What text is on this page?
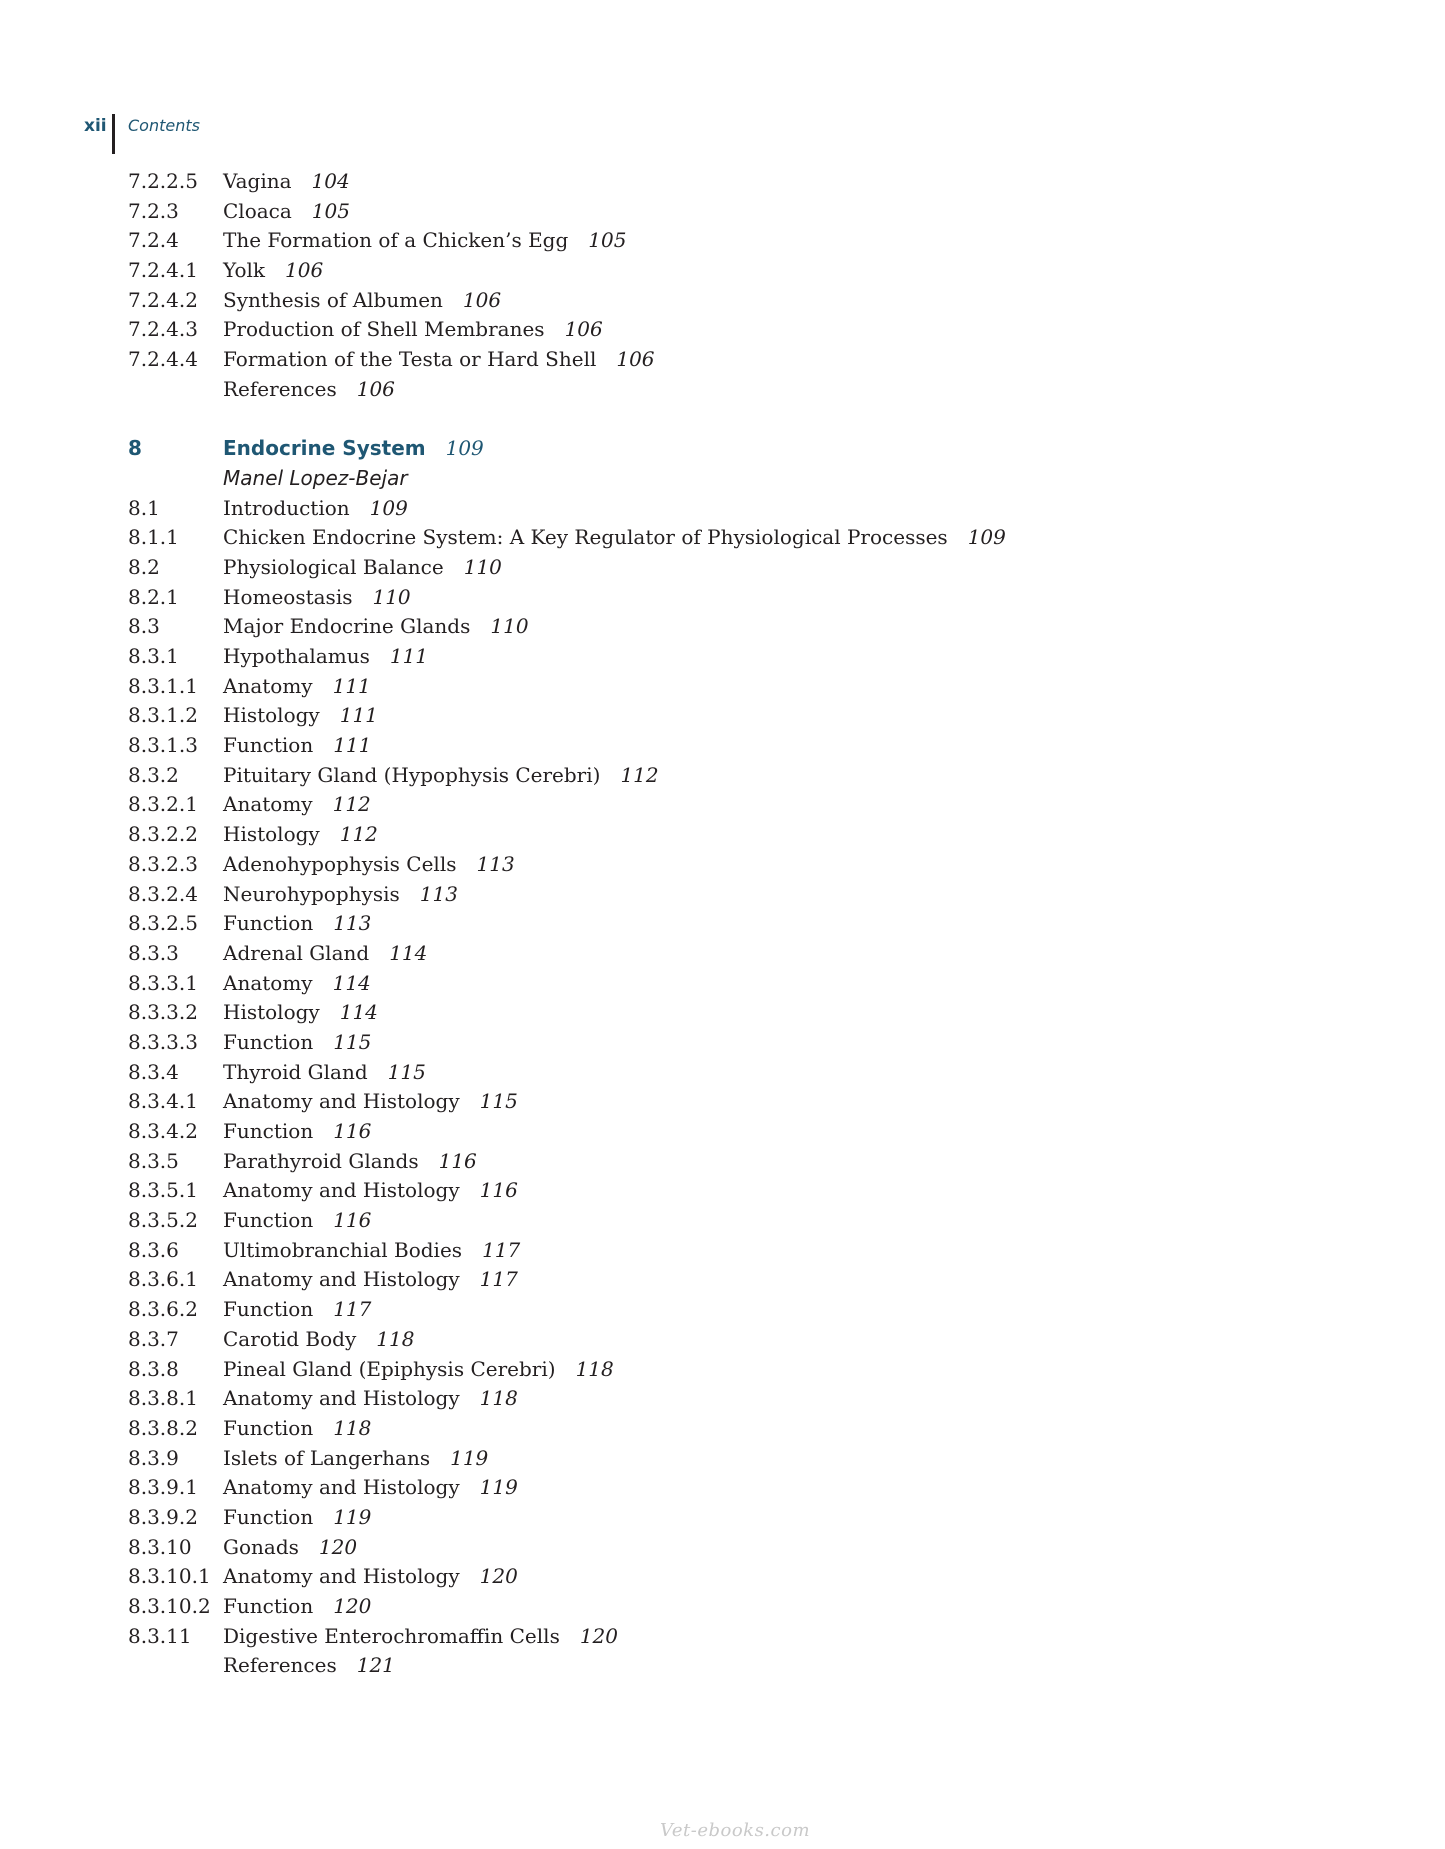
xii Contents
7.2.2.5 Vagina 104
7.2.3 Cloaca 105
7.2.4 The Formation of a Chicken’s Egg 105
7.2.4.1 Yolk 106
7.2.4.2 Synthesis of Albumen 106
7.2.4.3 Production of Shell Membranes 106
7.2.4.4 Formation of the Testa or Hard Shell 106
References 106
8	Endocrine System 109
Manel Lopez-Bejar
8.1	Introduction 109
8.1.1 Chicken Endocrine System: A Key Regulator of Physiological Processes 109
8.2	Physiological Balance 110
8.2.1 Homeostasis 110
8.3	Major Endocrine Glands 110
8.3.1 Hypothalamus 111
8.3.1.1 Anatomy 111
8.3.1.2 Histology 111
8.3.1.3 Function 111
8.3.2 Pituitary Gland (Hypophysis Cerebri) 112
8.3.2.1 Anatomy 112
8.3.2.2 Histology 112
8.3.2.3 Adenohypophysis Cells 113
8.3.2.4 Neurohypophysis 113
8.3.2.5 Function 113
8.3.3 Adrenal Gland 114
8.3.3.1 Anatomy 114
8.3.3.2 Histology 114
8.3.3.3 Function 115
8.3.4 Thyroid Gland 115
8.3.4.1 Anatomy and Histology 115
8.3.4.2 Function 116
8.3.5 Parathyroid Glands 116
8.3.5.1 Anatomy and Histology 116
8.3.5.2 Function 116
8.3.6 Ultimobranchial Bodies 117
8.3.6.1 Anatomy and Histology 117
8.3.6.2 Function 117
8.3.7 Carotid Body 118
8.3.8 Pineal Gland (Epiphysis Cerebri) 118
8.3.8.1 Anatomy and Histology 118
8.3.8.2 Function 118
8.3.9 Islets of Langerhans 119
8.3.9.1 Anatomy and Histology 119
8.3.9.2 Function 119
8.3.10 Gonads 120
8.3.10.1 Anatomy and Histology 120
8.3.10.2 Function 120
8.3.11 Digestive Enterochromaffin Cells 120
References 121
Vet-ebooks.com
